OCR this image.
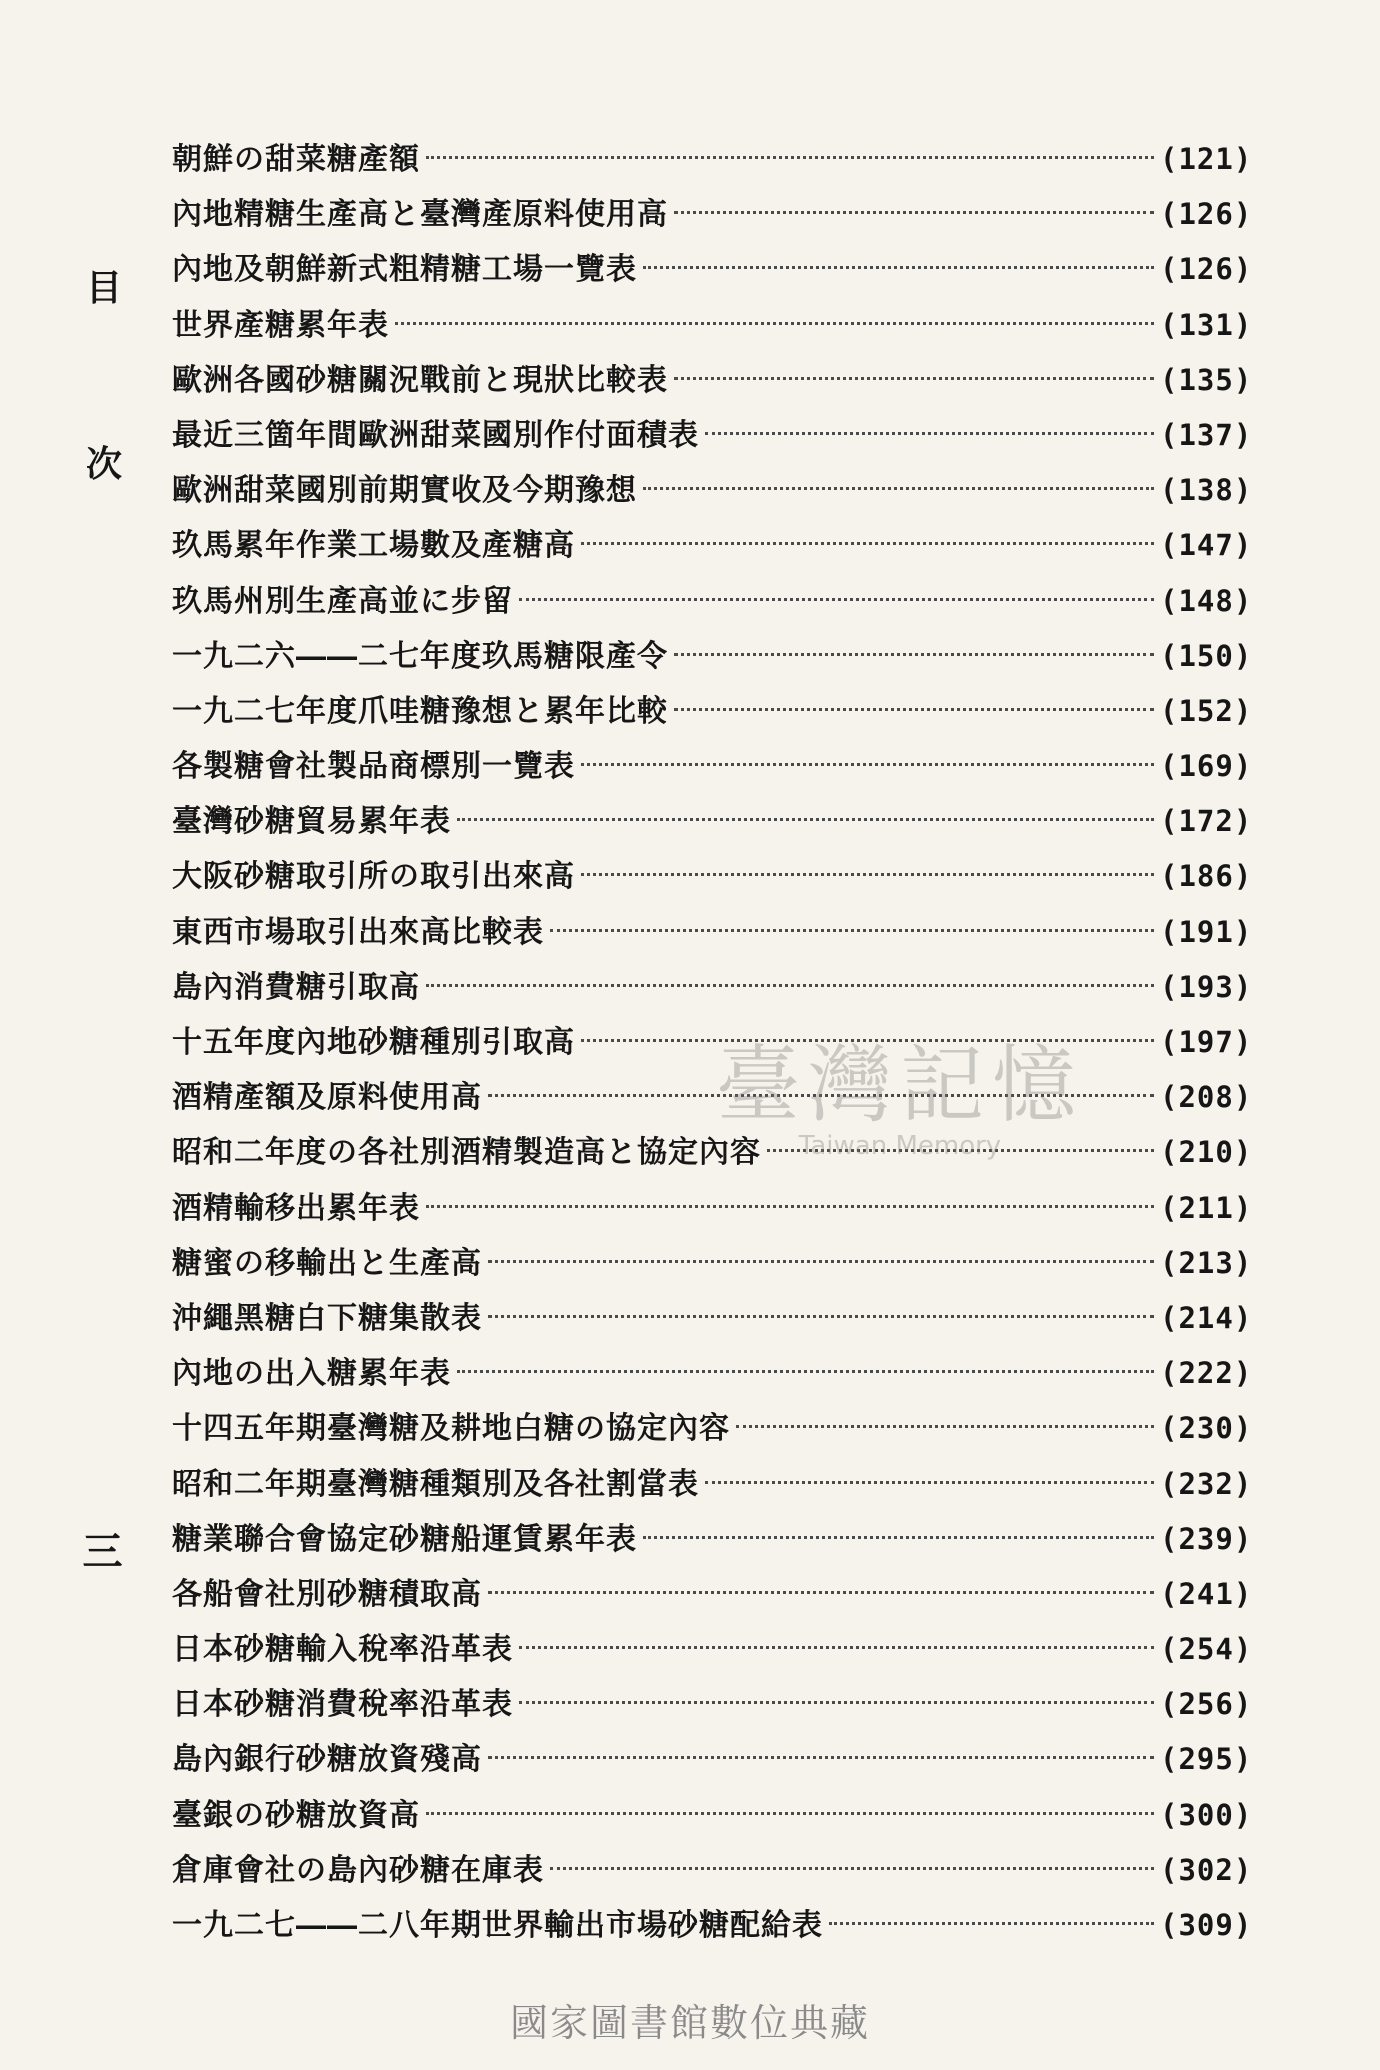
目
次
三
朝鮮の甜菜糖產額	(121)
內地精糖生產高と臺灣產原料使用高	(126)
內地及朝鮮新式粗精糖工場一覽表	(126)
世界產糖累年表	(131)
歐洲各國砂糖關況戰前と現狀比較表	(135)
最近三箇年間歐洲甜菜國別作付面積表	(137)
歐洲甜菜國別前期實收及今期豫想	(138)
玖馬累年作業工場數及產糖高	(147)
玖馬州別生產高並に步留	(148)
一九二六――二七年度玖馬糖限產令	(150)
一九二七年度爪哇糖豫想と累年比較	(152)
各製糖會社製品商標別一覽表	(169)
臺灣砂糖貿易累年表	(172)
大阪砂糖取引所の取引出來高	(186)
東西市場取引出來高比較表	(191)
島內消費糖引取高	(193)
十五年度內地砂糖種別引取高	(197)
酒精產額及原料使用高	(208)
昭和二年度の各社別酒精製造高と協定內容	(210)
酒精輸移出累年表	(211)
糖蜜の移輸出と生產高	(213)
沖繩黑糖白下糖集散表	(214)
內地の出入糖累年表	(222)
十四五年期臺灣糖及耕地白糖の協定內容	(230)
昭和二年期臺灣糖種類別及各社割當表	(232)
糖業聯合會協定砂糖船運賃累年表	(239)
各船會社別砂糖積取高	(241)
日本砂糖輸入稅率沿革表	(254)
日本砂糖消費稅率沿革表	(256)
島內銀行砂糖放資殘高	(295)
臺銀の砂糖放資高	(300)
倉庫會社の島內砂糖在庫表	(302)
一九二七――二八年期世界輸出市場砂糖配給表	(309)
臺灣記憶
Taiwan Memory
國家圖書館數位典藏
